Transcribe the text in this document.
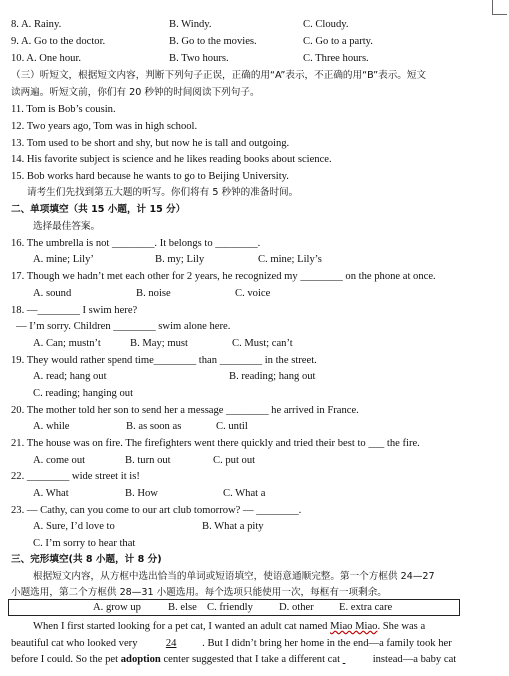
8. A. Rainy.	B. Windy.	C. Cloudy.
9. A. Go to the doctor.	B. Go to the movies.	C. Go to a party.
10. A. One hour.	B. Two hours.	C. Three hours.
（三）听短文，根据短文内容，判断下列句子正误，正确的用“A”表示，不正确的用“B”表示。短文
读两遍。听短文前，你们有 20 秒钟的时间阅读下列句子。
11. Tom is Bob’s cousin.
12. Two years ago, Tom was in high school.
13. Tom used to be short and shy, but now he is tall and outgoing.
14. His favorite subject is science and he likes reading books about science.
15. Bob works hard because he wants to go to Beijing University.
请考生们先找到第五大题的听写。你们将有 5 秒钟的准备时间。
二、单项填空（共 15 小题，计 15 分）
选择最佳答案。
16. The umbrella is not ________. It belongs to ________.
A. mine; Lily’	B. my; Lily	C. mine; Lily’s
17. Though we hadn’t met each other for 2 years, he recognized my ________ on the phone at once.
A. sound	B. noise	C. voice
18. —________ I swim here?
— I’m sorry. Children ________ swim alone here.
A. Can; mustn’t	B. May; must	C. Must; can’t
19. They would rather spend time________ than ________ in the street.
A. read; hang out	B. reading; hang out
C. reading; hanging out
20. The mother told her son to send her a message ________ he arrived in France.
A. while	B. as soon as	C. until
21. The house was on fire. The firefighters went there quickly and tried their best to ___ the fire.
A. come out	B. turn out	C. put out
22. ________ wide street it is!
A. What	B. How	C. What a
23. — Cathy, can you come to our art club tomorrow? — ________.
A. Sure, I’d love to	B. What a pity
C. I’m sorry to hear that
三、完形填空(共 8 小题，计 8 分)
根据短文内容，从方框中选出恰当的单词或短语填空，使语意通顺完整。第一个方框供 24—27
小题选用，第二个方框供 28—31 小题选用。每个选项只能使用一次，每框有一项剩余。
A. grow up	B. else C. friendly D. other E. extra care
When I first started looking for a pet cat, I wanted an adult cat named Miao Miao. She was a
beautiful cat who looked very	24 . But I didn’t bring her home in the end—a family took her
before I could. So the pet adoption center suggested that I take a different cat	instead—a baby cat
